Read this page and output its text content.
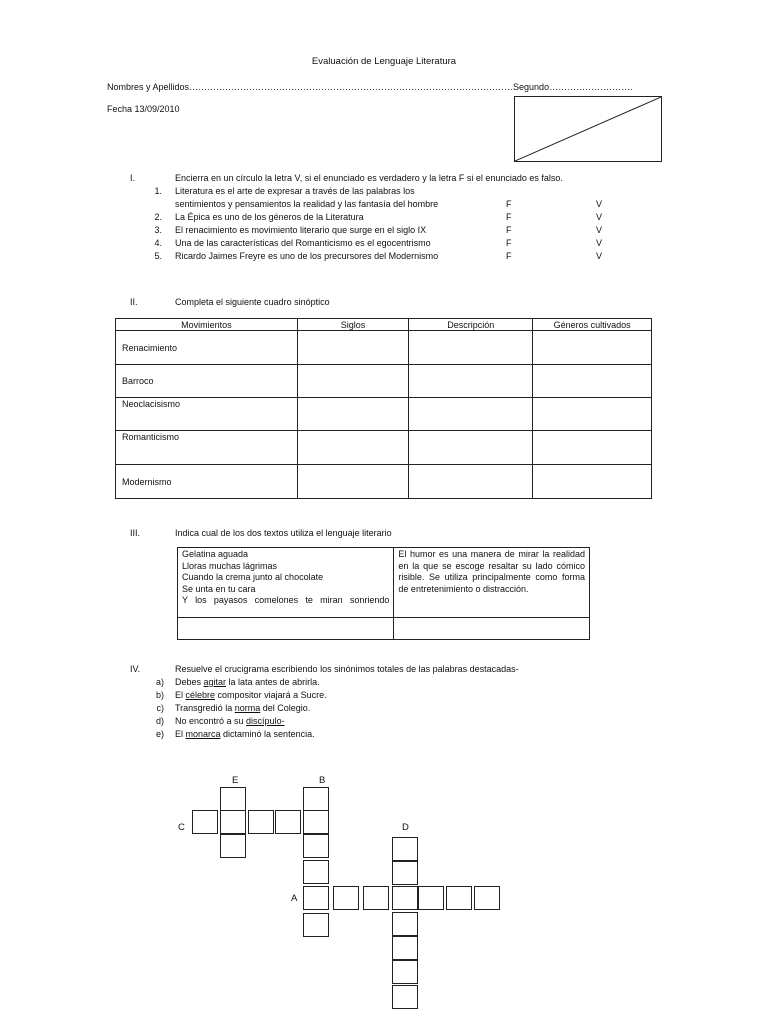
Evaluación de Lenguaje Literatura
Nombres y Apellidos………………………………………………………………………………………………Segundo……………………….
Fecha 13/09/2010
I.	Encierra en un círculo la letra V, si el enunciado es verdadero y la letra F si el enunciado es falso.
1. Literatura es el arte de expresar a través de las palabras los
sentimientos y pensamientos la realidad y las fantasía del hombre	F	V
2. La Épica es uno de los géneros de la Literatura	F	V
3. El renacimiento es movimiento literario que surge en el siglo IX	F	V
4. Una de las características del Romanticismo es el egocentrismo	F	V
5. Ricardo Jaimes Freyre es uno de los precursores del Modernismo	F	V
II.	Completa el siguiente cuadro sinóptico
Movimientos	Siglos	Descripción	Géneros cultivados
Renacimiento			
Barroco			
Neoclacisismo			
Romanticismo			
Modernismo			
III.	Indica cual de los dos textos utiliza el lenguaje literario
Gelatina aguada
Lloras muchas lágrimas
Cuando la crema junto al chocolate
Se unta en tu cara
Y los payasos comelones te miran sonriendo	El humor es una manera de mirar la realidad en la que se escoge resaltar su lado cómico risible. Se utiliza principalmente como forma de entretenimiento o distracción.

IV.	Resuelve el crucigrama escribiendo los sinónimos totales de las palabras destacadas-
a) Debes agitar la lata antes de abrirla.
b) El célebre compositor viajará a Sucre.
c) Transgredió la norma del Colegio.
d) No encontró a su discípulo-
e) El monarca dictaminó la sentencia.
E	B
C	D
A
